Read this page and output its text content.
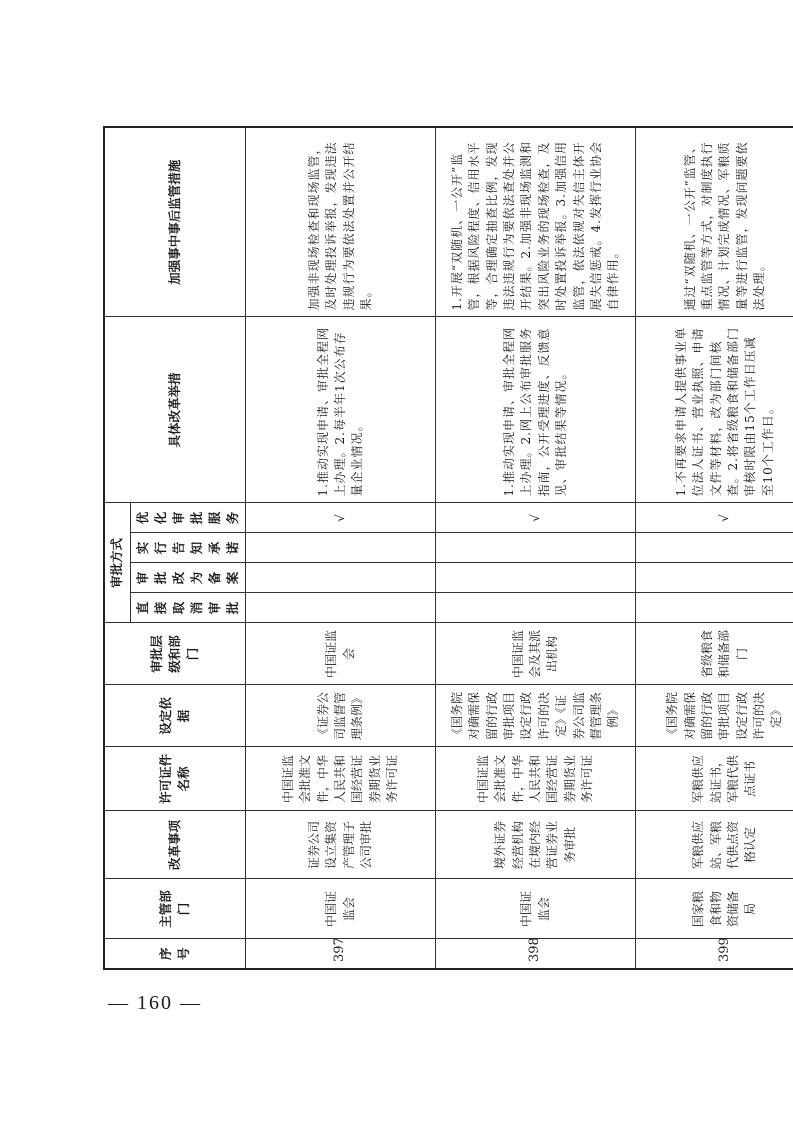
序号	主管部门	改革事项	许可证件名称	设定依据	审批层级和部门	审批方式				具体改革举措	加强事中事后监管措施
						直接取消审批	审批改为备案	实行告知承诺	优化审批服务		
397	中国证监会	证券公司设立集资产管理子公司审批	中国证监会批准文件，中华人民共和国经营证券期货业务许可证	《证券公司监督管理条例》	中国证监会				√	1.推动实现申请、审批全程网上办理。2.每半年1次公布存量企业情况。	加强非现场检查和现场监管，及时处理投诉举报，发现违法违规行为要依法处置并公开结果。
398	中国证监会	境外证券经营机构在境内经营证券业务审批	中国证监会批准文件，中华人民共和国经营证券期货业务许可证	《国务院对确需保留的行政审批项目设定行政许可的决定》《证券公司监督管理条例》	中国证监会及其派出机构				√	1.推动实现申请、审批全程网上办理。2.网上公布审批服务指南，公开受理进度、反馈意见、审批结果等情况。	1.开展“双随机、一公开”监管，根据风险程度、信用水平等，合理确定抽查比例，发现违法违规行为要依法查处并公开结果。2.加强非现场监测和突出风险业务的现场检查，及时处置投诉举报。3.加强信用监管，依法依规对失信主体开展失信惩戒。4.发挥行业协会自律作用。
399	国家粮食和物资储备局	军粮供应站、军粮代供点资格认定	军粮供应站证书，军粮代供点证书	《国务院对确需保留的行政审批项目设定行政许可的决定》	省级粮食和储备部门				√	1.不再要求申请人提供事业单位法人证书、营业执照、申请文件等材料，改为部门间核查。2.将省级粮食和储备部门审核时限由15个工作日压减至10个工作日。	通过“双随机、一公开”监管、重点监管等方式，对制度执行情况、计划完成情况、军粮质量等进行监管，发现问题要依法处理。
— 160 —
